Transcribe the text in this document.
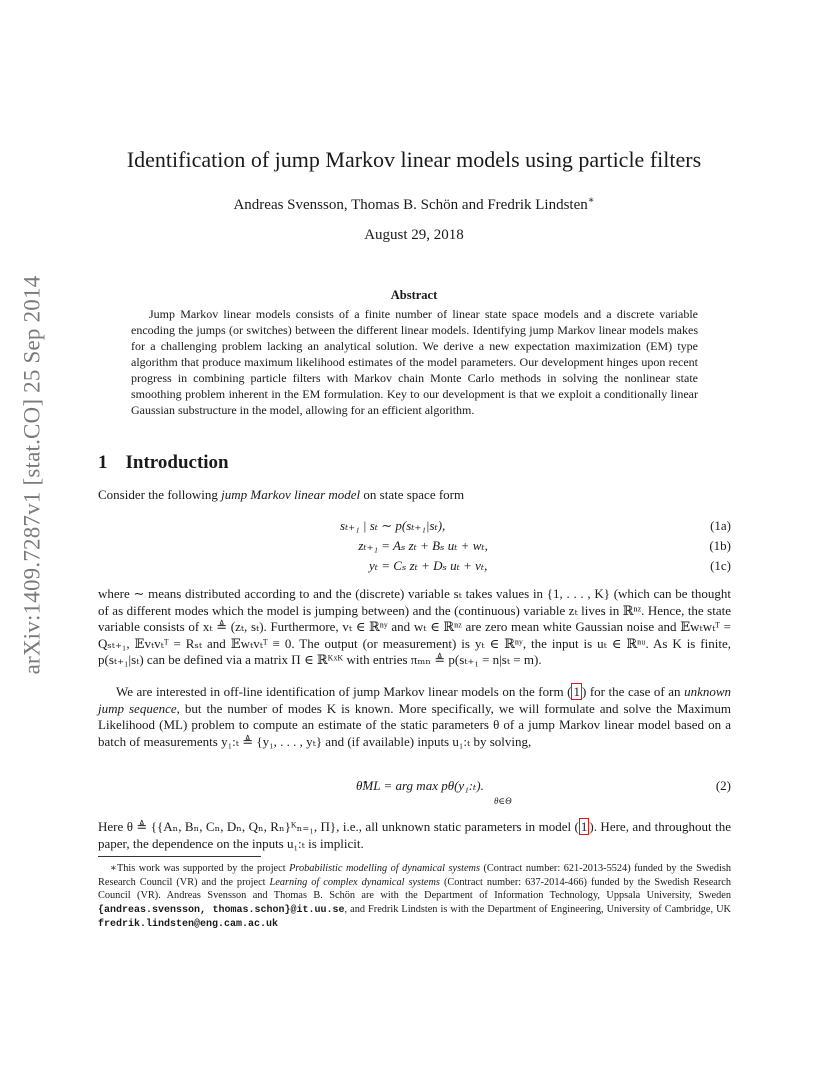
arXiv:1409.7287v1 [stat.CO] 25 Sep 2014
Identification of jump Markov linear models using particle filters
Andreas Svensson, Thomas B. Schön and Fredrik Lindsten∗
August 29, 2018
Abstract
Jump Markov linear models consists of a finite number of linear state space models and a discrete variable encoding the jumps (or switches) between the different linear models. Identifying jump Markov linear models makes for a challenging problem lacking an analytical solution. We derive a new expectation maximization (EM) type algorithm that produce maximum likelihood estimates of the model parameters. Our development hinges upon recent progress in combining particle filters with Markov chain Monte Carlo methods in solving the nonlinear state smoothing problem inherent in the EM formulation. Key to our development is that we exploit a conditionally linear Gaussian substructure in the model, allowing for an efficient algorithm.
1 Introduction
Consider the following jump Markov linear model on state space form
sₜ₊₁ | sₜ ∼ p(sₜ₊₁|sₜ),	(1a)
zₜ₊₁ = Aₛ zₜ + Bₛ uₜ + wₜ,	(1b)
yₜ = Cₛ zₜ + Dₛ uₜ + vₜ,	(1c)
where ∼ means distributed according to and the (discrete) variable sₜ takes values in {1, . . . , K} (which can be thought of as different modes which the model is jumping between) and the (continuous) variable zₜ lives in ℝⁿᶻ. Hence, the state variable consists of xₜ ≜ (zₜ, sₜ). Furthermore, vₜ ∈ ℝⁿʸ and wₜ ∈ ℝⁿᶻ are zero mean white Gaussian noise and 𝔼wₜwₜᵀ = Qₛₜ₊₁, 𝔼vₜvₜᵀ = Rₛₜ and 𝔼wₜvₜᵀ ≡ 0. The output (or measurement) is yₜ ∈ ℝⁿʸ, the input is uₜ ∈ ℝⁿᵘ. As K is finite, p(sₜ₊₁|sₜ) can be defined via a matrix Π ∈ ℝᴷˣᴷ with entries πₘₙ ≜ p(sₜ₊₁ = n|sₜ = m).
We are interested in off-line identification of jump Markov linear models on the form ( 1 ) for the case of an unknown jump sequence, but the number of modes K is known. More specifically, we will formulate and solve the Maximum Likelihood (ML) problem to compute an estimate of the static parameters θ of a jump Markov linear model based on a batch of measurements y₁:ₜ ≜ {y₁, . . . , yₜ} and (if available) inputs u₁:ₜ by solving,
θ̂ML = arg max pθ(y₁:ₜ).
θ∈Θ
(2)
Here θ ≜ {{Aₙ, Bₙ, Cₙ, Dₙ, Qₙ, Rₙ}ᴷₙ₌₁, Π}, i.e., all unknown static parameters in model ( 1 ). Here, and throughout the paper, the dependence on the inputs u₁:ₜ is implicit.
∗This work was supported by the project Probabilistic modelling of dynamical systems (Contract number: 621-2013-5524) funded by the Swedish Research Council (VR) and the project Learning of complex dynamical systems (Contract number: 637-2014-466) funded by the Swedish Research Council (VR). Andreas Svensson and Thomas B. Schön are with the Department of Information Technology, Uppsala University, Sweden {andreas.svensson, thomas.schon}@it.uu.se, and Fredrik Lindsten is with the Department of Engineering, University of Cambridge, UK fredrik.lindsten@eng.cam.ac.uk
